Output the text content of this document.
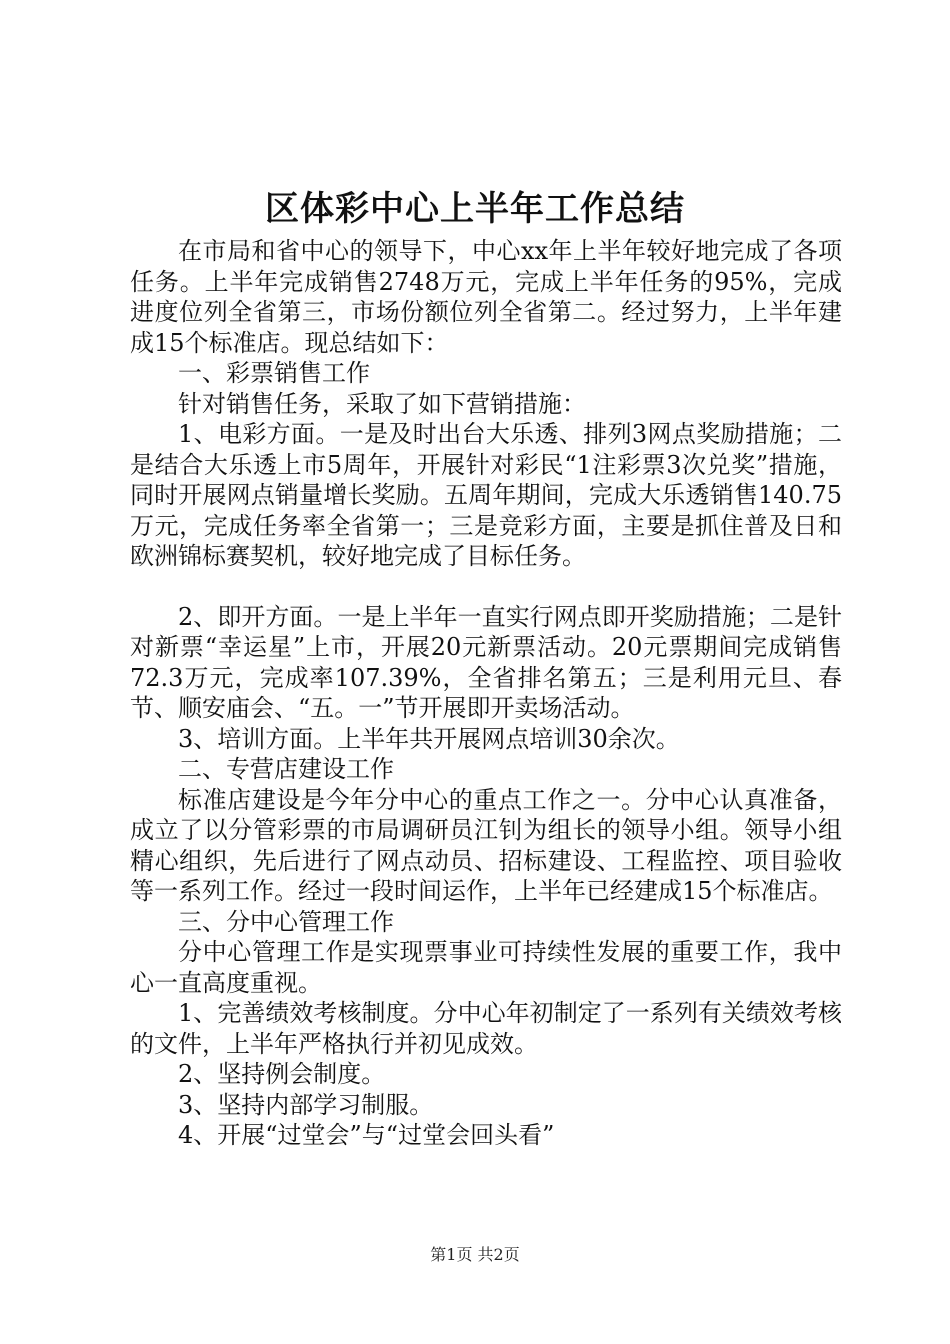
区体彩中心上半年工作总结

在市局和省中心的领导下，中心xx年上半年较好地完成了各项任务。上半年完成销售2748万元，完成上半年任务的95%，完成进度位列全省第三，市场份额位列全省第二。经过努力，上半年建成15个标准店。现总结如下：

一、彩票销售工作

针对销售任务，采取了如下营销措施：

1、电彩方面。一是及时出台大乐透、排列3网点奖励措施；二是结合大乐透上市5周年，开展针对彩民“1注彩票3次兑奖”措施，同时开展网点销量增长奖励。五周年期间，完成大乐透销售140.75万元，完成任务率全省第一；三是竞彩方面，主要是抓住普及日和欧洲锦标赛契机，较好地完成了目标任务。

2、即开方面。一是上半年一直实行网点即开奖励措施；二是针对新票“幸运星”上市，开展20元新票活动。20元票期间完成销售72.3万元，完成率107.39%，全省排名第五；三是利用元旦、春节、顺安庙会、“五。一”节开展即开卖场活动。

3、培训方面。上半年共开展网点培训30余次。

二、专营店建设工作

标准店建设是今年分中心的重点工作之一。分中心认真准备，成立了以分管彩票的市局调研员江钊为组长的领导小组。领导小组精心组织，先后进行了网点动员、招标建设、工程监控、项目验收等一系列工作。经过一段时间运作，上半年已经建成15个标准店。

三、分中心管理工作

分中心管理工作是实现票事业可持续性发展的重要工作，我中心一直高度重视。

1、完善绩效考核制度。分中心年初制定了一系列有关绩效考核的文件，上半年严格执行并初见成效。

2、坚持例会制度。

3、坚持内部学习制服。

4、开展“过堂会”与“过堂会回头看”

第1页 共2页
